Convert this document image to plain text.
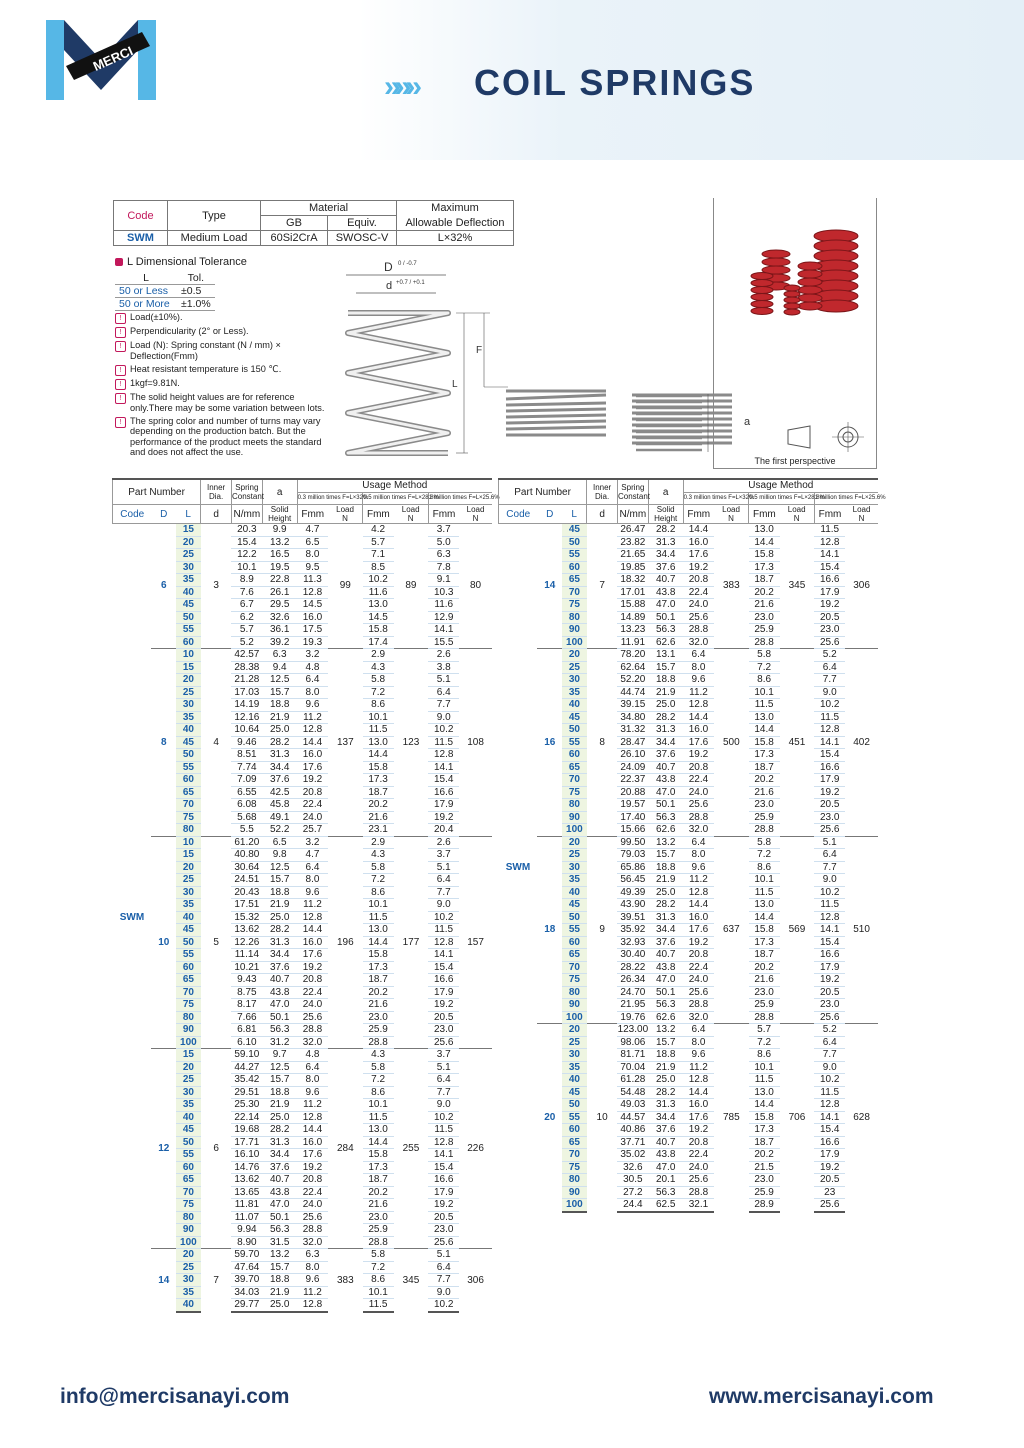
MERCI
»»» COIL SPRINGS
Code	Type	Material		Maximum
		GB	Equiv.	Allowable Deflection
SWM	Medium Load	60Si2CrA	SWOSC-V	L×32%
L Dimensional Tolerance
L	Tol.
50 or Less	±0.5
50 or More	±1.0%
! Load(±10%).
! Perpendicularity (2° or Less).
! Load (N): Spring constant (N / mm) × Deflection(Fmm)
! Heat resistant temperature is 150 ℃.
! 1kgf=9.81N.
! The solid height values are for reference only.There may be some variation between lots.
! The spring color and number of turns may vary depending on the production batch. But the performance of the product meets the standard and does not affect the use.
D 0 / -0.7
d +0.7 / +0.1
L
F
a
The first perspective
Part Number			Inner
Dia.	Spring
Constant	a	Usage Method					
						0.3 million times F=L×32%		0.5 million times F=L×28.8%		1 million times F=L×25.6%	
Code	D	L	d	N/mm	Solid
Height	Fmm	Load
N	Fmm	Load
N	Fmm	Load
N
SWM	6	15	3	20.3	9.9	4.7	99	4.2	89	3.7	80
		20		15.4	13.2	6.5		5.7		5.0	
		25		12.2	16.5	8.0		7.1		6.3	
		30		10.1	19.5	9.5		8.5		7.8	
		35		8.9	22.8	11.3		10.2		9.1	
		40		7.6	26.1	12.8		11.6		10.3	
		45		6.7	29.5	14.5		13.0		11.6	
		50		6.2	32.6	16.0		14.5		12.9	
		55		5.7	36.1	17.5		15.8		14.1	
		60		5.2	39.2	19.3		17.4		15.5	
	8	10	4	42.57	6.3	3.2	137	2.9	123	2.6	108
		15		28.38	9.4	4.8		4.3		3.8	
		20		21.28	12.5	6.4		5.8		5.1	
		25		17.03	15.7	8.0		7.2		6.4	
		30		14.19	18.8	9.6		8.6		7.7	
		35		12.16	21.9	11.2		10.1		9.0	
		40		10.64	25.0	12.8		11.5		10.2	
		45		9.46	28.2	14.4		13.0		11.5	
		50		8.51	31.3	16.0		14.4		12.8	
		55		7.74	34.4	17.6		15.8		14.1	
		60		7.09	37.6	19.2		17.3		15.4	
		65		6.55	42.5	20.8		18.7		16.6	
		70		6.08	45.8	22.4		20.2		17.9	
		75		5.68	49.1	24.0		21.6		19.2	
		80		5.5	52.2	25.7		23.1		20.4	
	10	10	5	61.20	6.5	3.2	196	2.9	177	2.6	157
		15		40.80	9.8	4.7		4.3		3.7	
		20		30.64	12.5	6.4		5.8		5.1	
		25		24.51	15.7	8.0		7.2		6.4	
		30		20.43	18.8	9.6		8.6		7.7	
		35		17.51	21.9	11.2		10.1		9.0	
		40		15.32	25.0	12.8		11.5		10.2	
		45		13.62	28.2	14.4		13.0		11.5	
		50		12.26	31.3	16.0		14.4		12.8	
		55		11.14	34.4	17.6		15.8		14.1	
		60		10.21	37.6	19.2		17.3		15.4	
		65		9.43	40.7	20.8		18.7		16.6	
		70		8.75	43.8	22.4		20.2		17.9	
		75		8.17	47.0	24.0		21.6		19.2	
		80		7.66	50.1	25.6		23.0		20.5	
		90		6.81	56.3	28.8		25.9		23.0	
		100		6.10	31.2	32.0		28.8		25.6	
	12	15	6	59.10	9.7	4.8	284	4.3	255	3.7	226
		20		44.27	12.5	6.4		5.8		5.1	
		25		35.42	15.7	8.0		7.2		6.4	
		30		29.51	18.8	9.6		8.6		7.7	
		35		25.30	21.9	11.2		10.1		9.0	
		40		22.14	25.0	12.8		11.5		10.2	
		45		19.68	28.2	14.4		13.0		11.5	
		50		17.71	31.3	16.0		14.4		12.8	
		55		16.10	34.4	17.6		15.8		14.1	
		60		14.76	37.6	19.2		17.3		15.4	
		65		13.62	40.7	20.8		18.7		16.6	
		70		13.65	43.8	22.4		20.2		17.9	
		75		11.81	47.0	24.0		21.6		19.2	
		80		11.07	50.1	25.6		23.0		20.5	
		90		9.94	56.3	28.8		25.9		23.0	
		100		8.90	31.5	32.0		28.8		25.6	
	14	20	7	59.70	13.2	6.3	383	5.8	345	5.1	306
		25		47.64	15.7	8.0		7.2		6.4	
		30		39.70	18.8	9.6		8.6		7.7	
		35		34.03	21.9	11.2		10.1		9.0	
		40		29.77	25.0	12.8		11.5		10.2	
Part Number			Inner
Dia.	Spring
Constant	a	Usage Method					
						0.3 million times F=L×32%		0.5 million times F=L×28.8%		1 million times F=L×25.6%	
Code	D	L	d	N/mm	Solid
Height	Fmm	Load
N	Fmm	Load
N	Fmm	Load
N
SWM	14	45	7	26.47	28.2	14.4	383	13.0	345	11.5	306
		50		23.82	31.3	16.0		14.4		12.8	
		55		21.65	34.4	17.6		15.8		14.1	
		60		19.85	37.6	19.2		17.3		15.4	
		65		18.32	40.7	20.8		18.7		16.6	
		70		17.01	43.8	22.4		20.2		17.9	
		75		15.88	47.0	24.0		21.6		19.2	
		80		14.89	50.1	25.6		23.0		20.5	
		90		13.23	56.3	28.8		25.9		23.0	
		100		11.91	62.6	32.0		28.8		25.6	
	16	20	8	78.20	13.1	6.4	500	5.8	451	5.2	402
		25		62.64	15.7	8.0		7.2		6.4	
		30		52.20	18.8	9.6		8.6		7.7	
		35		44.74	21.9	11.2		10.1		9.0	
		40		39.15	25.0	12.8		11.5		10.2	
		45		34.80	28.2	14.4		13.0		11.5	
		50		31.32	31.3	16.0		14.4		12.8	
		55		28.47	34.4	17.6		15.8		14.1	
		60		26.10	37.6	19.2		17.3		15.4	
		65		24.09	40.7	20.8		18.7		16.6	
		70		22.37	43.8	22.4		20.2		17.9	
		75		20.88	47.0	24.0		21.6		19.2	
		80		19.57	50.1	25.6		23.0		20.5	
		90		17.40	56.3	28.8		25.9		23.0	
		100		15.66	62.6	32.0		28.8		25.6	
	18	20	9	99.50	13.2	6.4	637	5.8	569	5.1	510
		25		79.03	15.7	8.0		7.2		6.4	
		30		65.86	18.8	9.6		8.6		7.7	
		35		56.45	21.9	11.2		10.1		9.0	
		40		49.39	25.0	12.8		11.5		10.2	
		45		43.90	28.2	14.4		13.0		11.5	
		50		39.51	31.3	16.0		14.4		12.8	
		55		35.92	34.4	17.6		15.8		14.1	
		60		32.93	37.6	19.2		17.3		15.4	
		65		30.40	40.7	20.8		18.7		16.6	
		70		28.22	43.8	22.4		20.2		17.9	
		75		26.34	47.0	24.0		21.6		19.2	
		80		24.70	50.1	25.6		23.0		20.5	
		90		21.95	56.3	28.8		25.9		23.0	
		100		19.76	62.6	32.0		28.8		25.6	
	20	20	10	123.00	13.2	6.4	785	5.7	706	5.2	628
		25		98.06	15.7	8.0		7.2		6.4	
		30		81.71	18.8	9.6		8.6		7.7	
		35		70.04	21.9	11.2		10.1		9.0	
		40		61.28	25.0	12.8		11.5		10.2	
		45		54.48	28.2	14.4		13.0		11.5	
		50		49.03	31.3	16.0		14.4		12.8	
		55		44.57	34.4	17.6		15.8		14.1	
		60		40.86	37.6	19.2		17.3		15.4	
		65		37.71	40.7	20.8		18.7		16.6	
		70		35.02	43.8	22.4		20.2		17.9	
		75		32.6	47.0	24.0		21.5		19.2	
		80		30.5	20.1	25.6		23.0		20.5	
		90		27.2	56.3	28.8		25.9		23	
		100		24.4	62.5	32.1		28.9		25.6	
info@mercisanayi.com	www.mercisanayi.com
